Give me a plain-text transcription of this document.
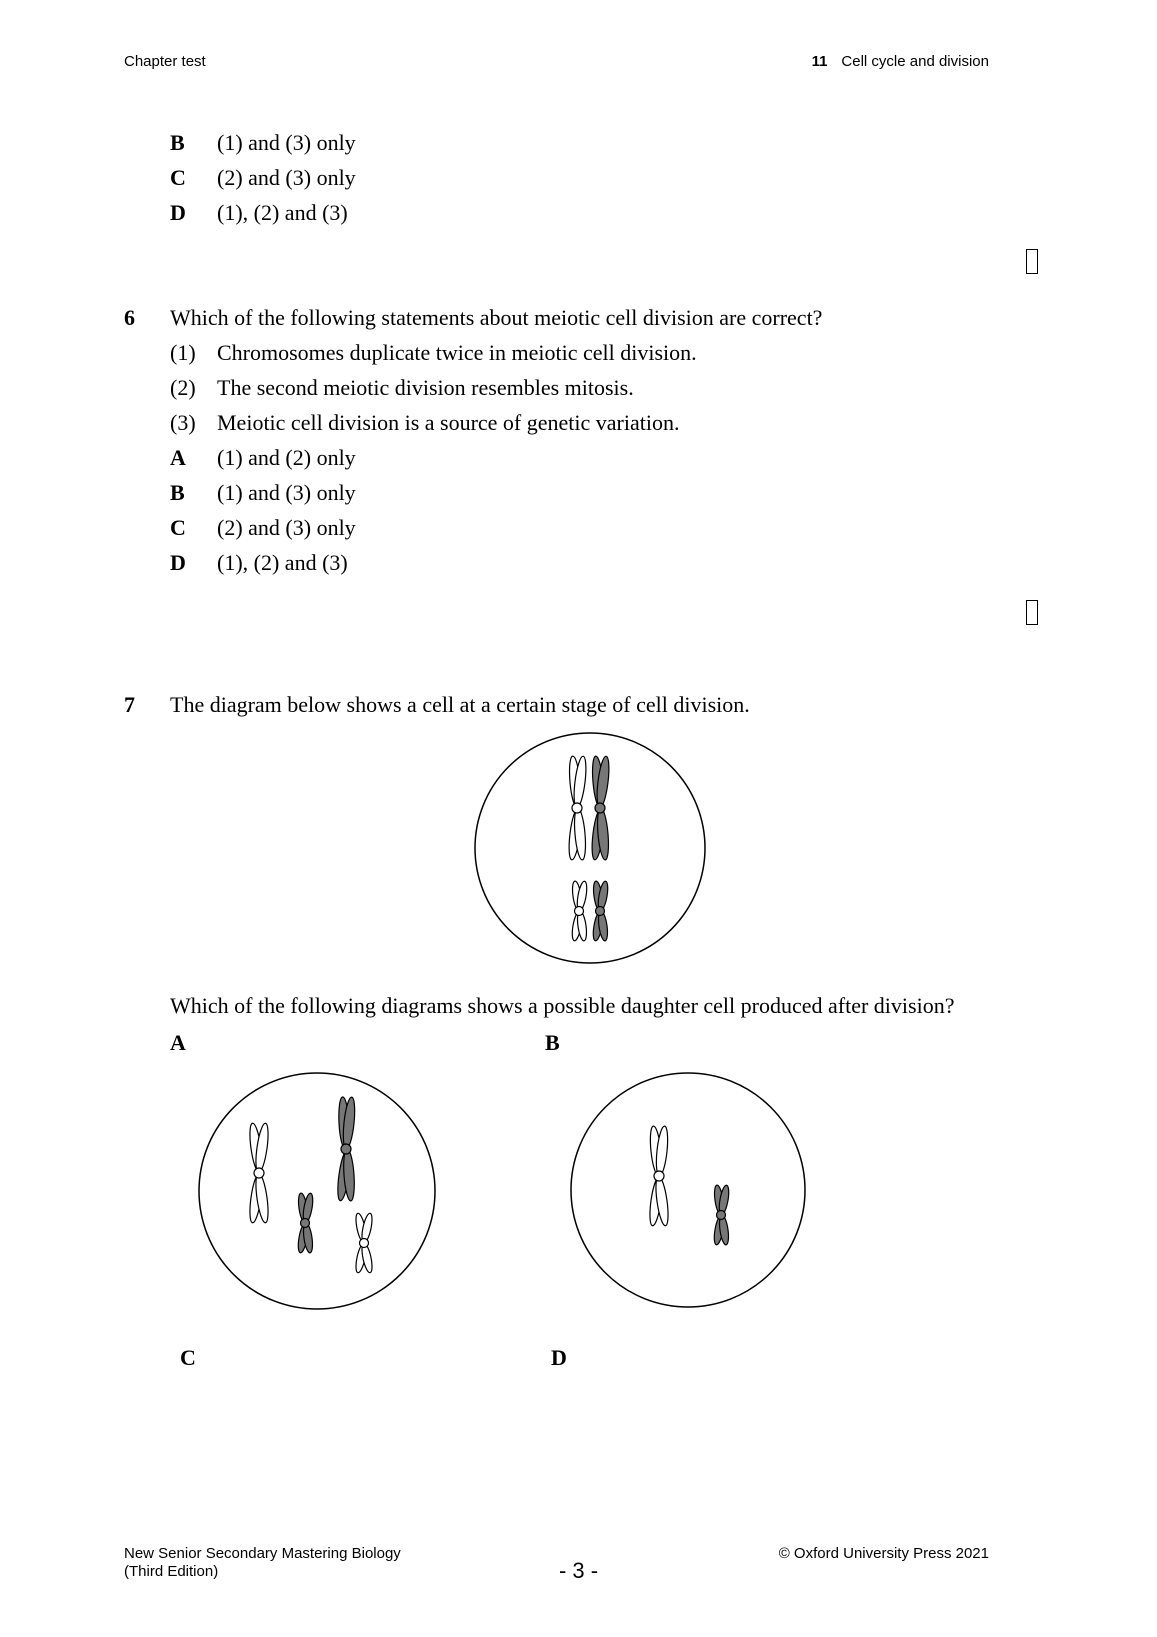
Chapter test	11 Cell cycle and division
B (1) and (3) only
C (2) and (3) only
D (1), (2) and (3)
6 Which of the following statements about meiotic cell division are correct?
(1) Chromosomes duplicate twice in meiotic cell division.
(2) The second meiotic division resembles mitosis.
(3) Meiotic cell division is a source of genetic variation.
A (1) and (2) only
B (1) and (3) only
C (2) and (3) only
D (1), (2) and (3)
7 The diagram below shows a cell at a certain stage of cell division.
Which of the following diagrams shows a possible daughter cell produced after division?
A	B
C	D
New Senior Secondary Mastering Biology
(Third Edition)	- 3 -
© Oxford University Press 2021
